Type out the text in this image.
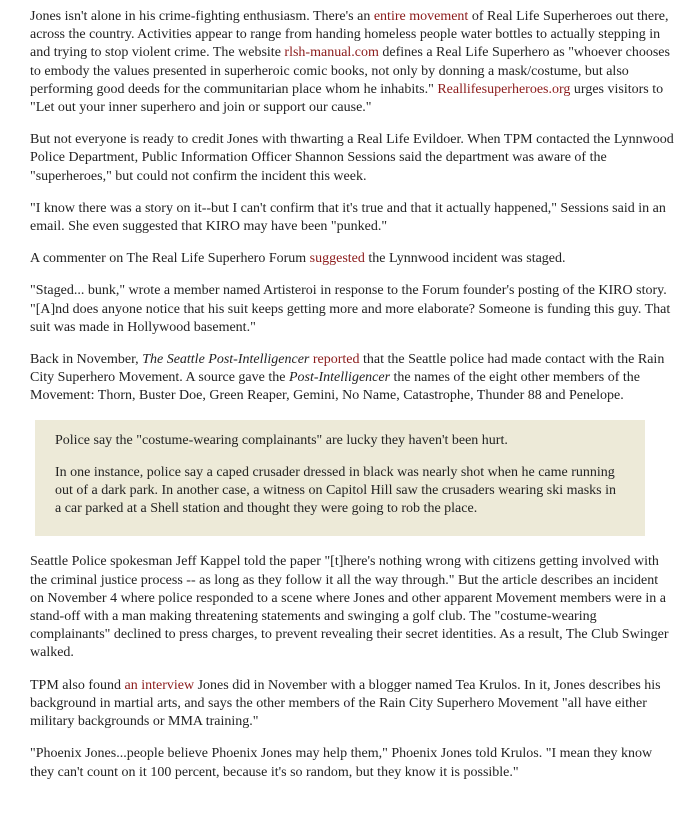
Jones isn't alone in his crime-fighting enthusiasm. There's an entire movement of Real Life Superheroes out there, across the country. Activities appear to range from handing homeless people water bottles to actually stepping in and trying to stop violent crime. The website rlsh-manual.com defines a Real Life Superhero as "whoever chooses to embody the values presented in superheroic comic books, not only by donning a mask/costume, but also performing good deeds for the communitarian place whom he inhabits." Reallifesuperheroes.org urges visitors to "Let out your inner superhero and join or support our cause."

But not everyone is ready to credit Jones with thwarting a Real Life Evildoer. When TPM contacted the Lynnwood Police Department, Public Information Officer Shannon Sessions said the department was aware of the "superheroes," but could not confirm the incident this week.

"I know there was a story on it--but I can't confirm that it's true and that it actually happened," Sessions said in an email. She even suggested that KIRO may have been "punked."

A commenter on The Real Life Superhero Forum suggested the Lynnwood incident was staged.

"Staged... bunk," wrote a member named Artisteroi in response to the Forum founder's posting of the KIRO story. "[A]nd does anyone notice that his suit keeps getting more and more elaborate? Someone is funding this guy. That suit was made in Hollywood basement."

Back in November, The Seattle Post-Intelligencer reported that the Seattle police had made contact with the Rain City Superhero Movement. A source gave the Post-Intelligencer the names of the eight other members of the Movement: Thorn, Buster Doe, Green Reaper, Gemini, No Name, Catastrophe, Thunder 88 and Penelope.

Police say the "costume-wearing complainants" are lucky they haven't been hurt.

In one instance, police say a caped crusader dressed in black was nearly shot when he came running out of a dark park. In another case, a witness on Capitol Hill saw the crusaders wearing ski masks in a car parked at a Shell station and thought they were going to rob the place.

Seattle Police spokesman Jeff Kappel told the paper "[t]here's nothing wrong with citizens getting involved with the criminal justice process -- as long as they follow it all the way through." But the article describes an incident on November 4 where police responded to a scene where Jones and other apparent Movement members were in a stand-off with a man making threatening statements and swinging a golf club. The "costume-wearing complainants" declined to press charges, to prevent revealing their secret identities. As a result, The Club Swinger walked.

TPM also found an interview Jones did in November with a blogger named Tea Krulos. In it, Jones describes his background in martial arts, and says the other members of the Rain City Superhero Movement "all have either military backgrounds or MMA training."

"Phoenix Jones...people believe Phoenix Jones may help them," Phoenix Jones told Krulos. "I mean they know they can't count on it 100 percent, because it's so random, but they know it is possible."
